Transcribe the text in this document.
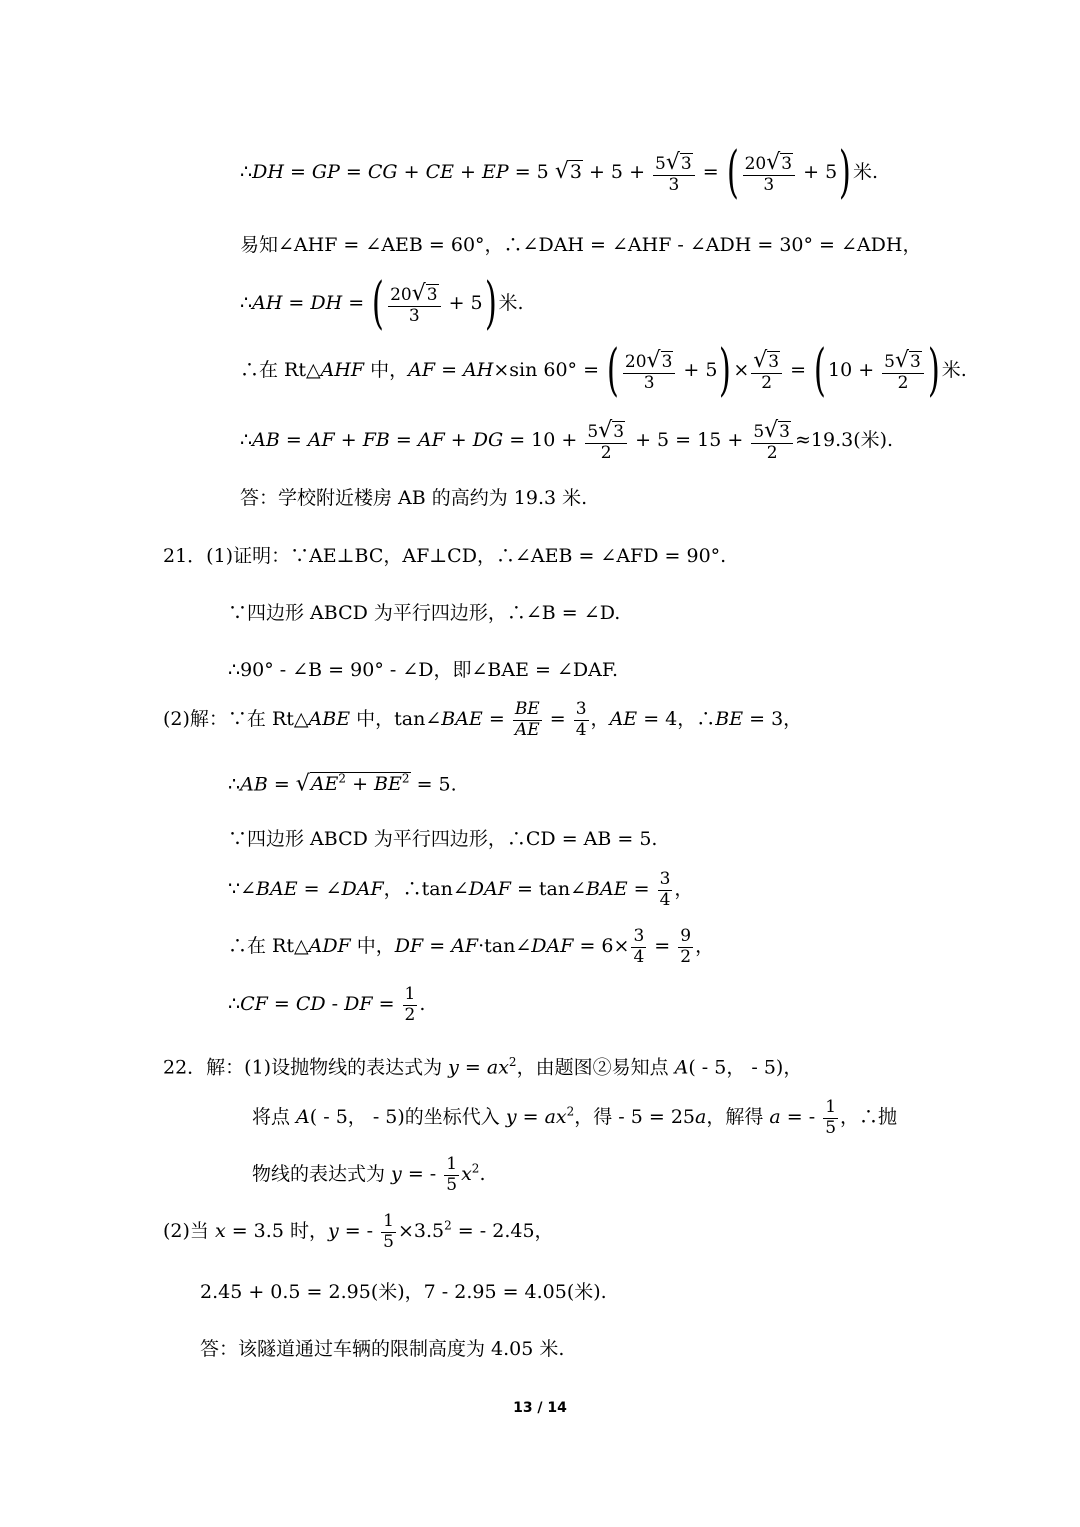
∴DH = GP = CG + CE + EP = 5 $√3 + 5 + \frac{5√3}{3}$ = ( $\frac{20√3}{3} + 5$) 米.
易知∠AHF = ∠AEB = 60°，∴∠DAH = ∠AHF - ∠ADH = 30° = ∠ADH，
∴AH = DH = ( $\frac{20√3}{3} + 5$) 米.
∴在 Rt△AHF 中，AF = AH×sin 60° = ( $\frac{20√3}{3} + 5) \times \frac{√3}{2}$ = ( $10 + \frac{5√3}{2}$ ) 米.
∴AB = AF + FB = AF + DG = $10 + \frac{5√3}{2} + 5 = 15 + \frac{5√3}{2} \approx 19.3$(米).
答：学校附近楼房 AB 的高约为 19.3 米.
21．(1)证明：∵AE⊥BC，AF⊥CD，∴∠AEB = ∠AFD = 90°.
∵四边形 ABCD 为平行四边形，∴∠B = ∠D.
∴90° - ∠B = 90° - ∠D，即∠BAE = ∠DAF.
(2)解：∵在 Rt△ABE 中，tan∠BAE = $\frac{BE}{AE} = \frac{3}{4}$ ，AE = 4，∴BE = 3，
∴AB = $√AE^2 + BE^2 = 5$.
∵四边形 ABCD 为平行四边形，∴CD = AB = 5.
∵∠BAE = ∠DAF，∴tan∠DAF = tan∠BAE = $\frac{3}{4}$ ，
∴在 Rt△ADF 中，DF = AF·tan∠DAF = $6\times \frac{3}{4} = \frac{9}{2}$ ，
∴CF = CD - DF = $\frac{1}{2}$ .
22．解：(1)设抛物线的表达式为 $y = ax^2$，由题图②易知点 A( - 5， - 5)，
将点 A( - 5， - 5)的坐标代入 $y = ax^2$，得 - 5 = 25a，解得 a = - $\frac{1}{5}$ ，∴抛
物线的表达式为 y = - $\frac{1}{5} x^2$.
(2)当 x = 3.5 时，y = - $\frac{1}{5} \times 3.5^2$ = - 2.45，
2.45 + 0.5 = 2.95(米)，7 - 2.95 = 4.05(米).
答：该隧道通过车辆的限制高度为 4.05 米.
13 / 14
